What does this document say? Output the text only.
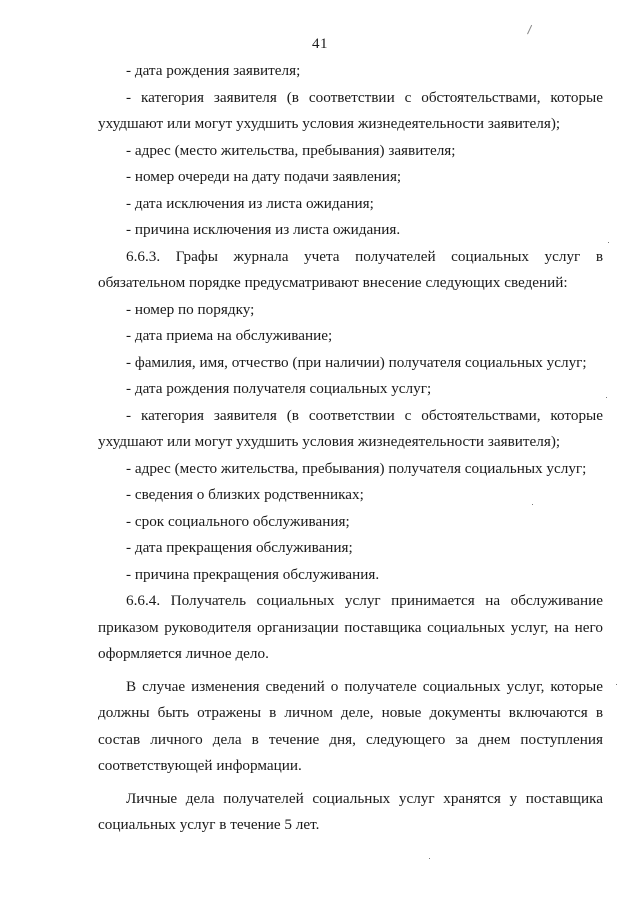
41
- дата рождения заявителя;
- категория заявителя (в соответствии с обстоятельствами, которые
ухудшают или могут ухудшить условия жизнедеятельности заявителя);
- адрес (место жительства, пребывания) заявителя;
- номер очереди на дату подачи заявления;
- дата исключения из листа ожидания;
- причина исключения из листа ожидания.
6.6.3. Графы журнала учета получателей социальных услуг в
обязательном порядке предусматривают внесение следующих сведений:
- номер по порядку;
- дата приема на обслуживание;
- фамилия, имя, отчество (при наличии) получателя социальных услуг;
- дата рождения получателя социальных услуг;
- категория заявителя (в соответствии с обстоятельствами, которые
ухудшают или могут ухудшить условия жизнедеятельности заявителя);
- адрес (место жительства, пребывания) получателя социальных услуг;
- сведения о близких родственниках;
- срок социального обслуживания;
- дата прекращения обслуживания;
- причина прекращения обслуживания.
6.6.4. Получатель социальных услуг принимается на обслуживание
приказом руководителя организации поставщика социальных услуг, на него
оформляется личное дело.
В случае изменения сведений о получателе социальных услуг, которые
должны быть отражены в личном деле, новые документы включаются в
состав личного дела в течение дня, следующего за днем поступления
соответствующей информации.
Личные дела получателей социальных услуг хранятся у поставщика
социальных услуг в течение 5 лет.
